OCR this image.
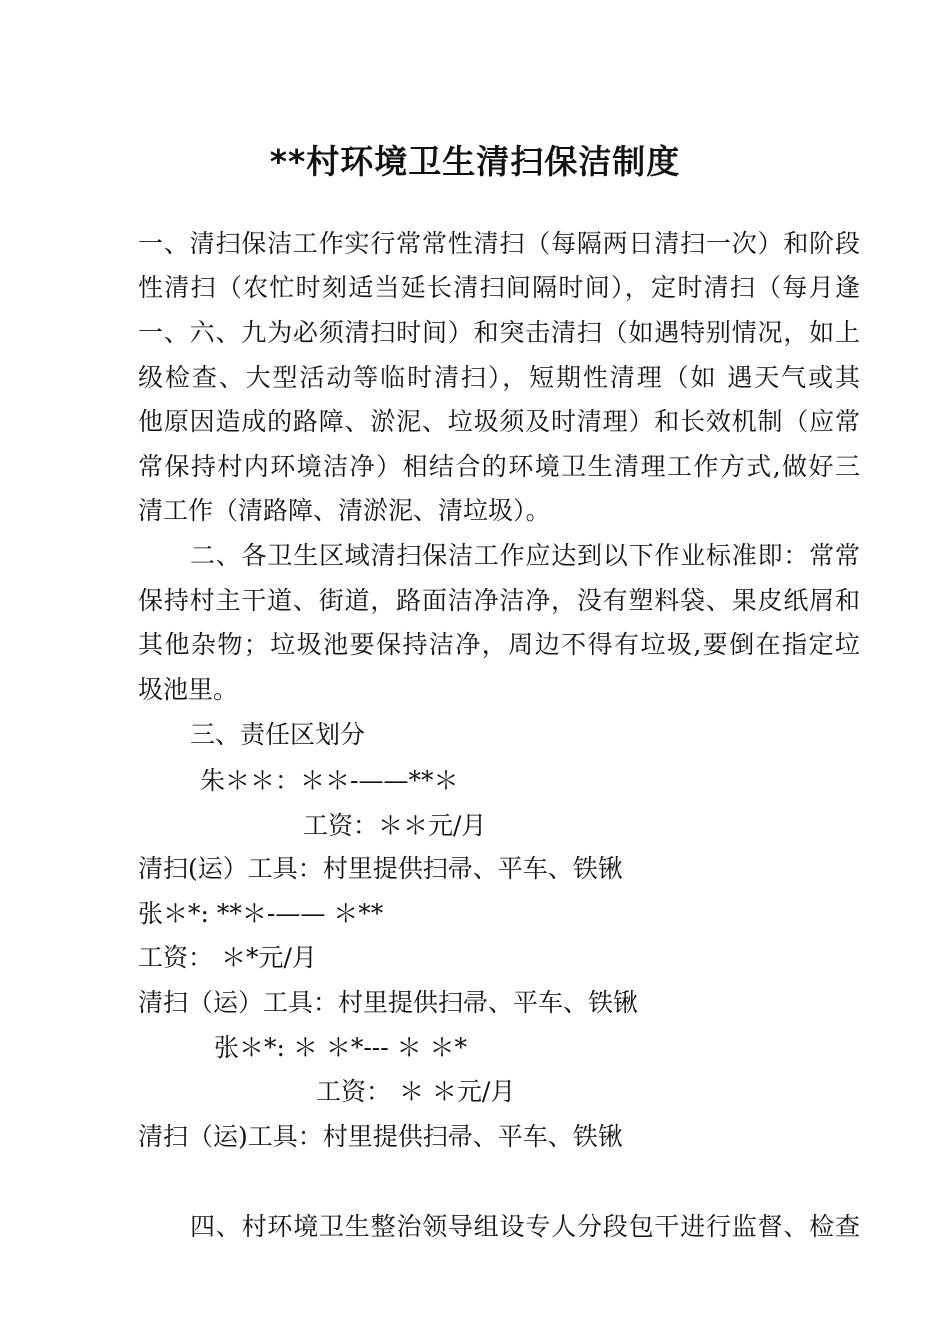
**村环境卫生清扫保洁制度
一、清扫保洁工作实行常常性清扫（每隔两日清扫一次）和阶段
性清扫（农忙时刻适当延长清扫间隔时间），定时清扫（每月逢
一、六、九为必须清扫时间）和突击清扫（如遇特别情况，如上
级检查、大型活动等临时清扫），短期性清理（如 遇天气或其
他原因造成的路障、淤泥、垃圾须及时清理）和长效机制（应常
常保持村内环境洁净）相结合的环境卫生清理工作方式,做好三
清工作（清路障、清淤泥、清垃圾）。
二、各卫生区域清扫保洁工作应达到以下作业标准即：常常
保持村主干道、街道，路面洁净洁净，没有塑料袋、果皮纸屑和
其他杂物；垃圾池要保持洁净，周边不得有垃圾,要倒在指定垃
圾池里。
三、责任区划分
朱＊＊：＊＊-——**＊
工资：＊＊元/月
清扫(运）工具：村里提供扫帚、平车、铁锹
张＊*: **＊-—— ＊**
工资： ＊*元/月
清扫（运）工具：村里提供扫帚、平车、铁锹
张＊*: ＊ ＊*--- ＊ ＊*
工资： ＊ ＊元/月
清扫（运)工具：村里提供扫帚、平车、铁锹
四、村环境卫生整治领导组设专人分段包干进行监督、检查
